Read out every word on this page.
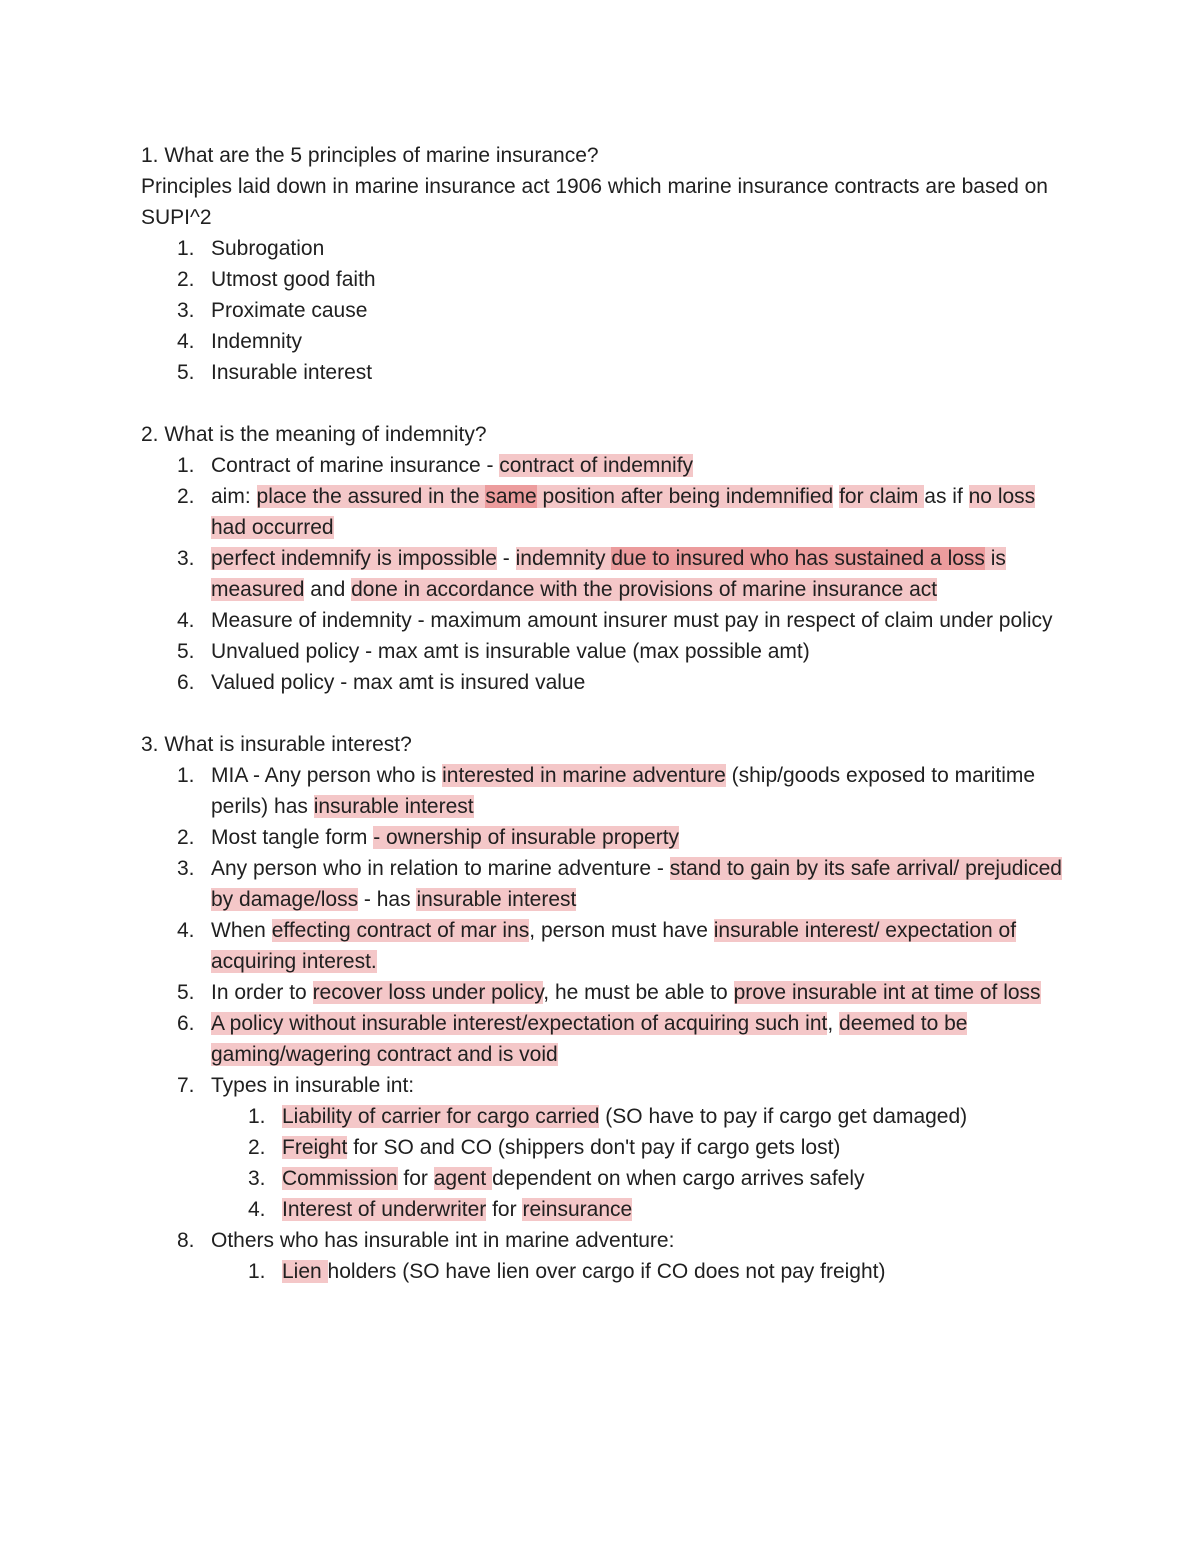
1. What are the 5 principles of marine insurance?
Principles laid down in marine insurance act 1906 which marine insurance contracts are based on
SUPI^2
1. Subrogation
2. Utmost good faith
3. Proximate cause
4. Indemnity
5. Insurable interest
2. What is the meaning of indemnity?
1. Contract of marine insurance - contract of indemnify
2. aim: place the assured in the same position after being indemnified for claim as if no loss had occurred
3. perfect indemnify is impossible - indemnity due to insured who has sustained a loss is measured and done in accordance with the provisions of marine insurance act
4. Measure of indemnity - maximum amount insurer must pay in respect of claim under policy
5. Unvalued policy - max amt is insurable value (max possible amt)
6. Valued policy - max amt is insured value
3. What is insurable interest?
1. MIA - Any person who is interested in marine adventure (ship/goods exposed to maritime perils) has insurable interest
2. Most tangle form - ownership of insurable property
3. Any person who in relation to marine adventure - stand to gain by its safe arrival/ prejudiced by damage/loss - has insurable interest
4. When effecting contract of mar ins, person must have insurable interest/ expectation of acquiring interest.
5. In order to recover loss under policy, he must be able to prove insurable int at time of loss
6. A policy without insurable interest/expectation of acquiring such int, deemed to be gaming/wagering contract and is void
7. Types in insurable int:
1. Liability of carrier for cargo carried (SO have to pay if cargo get damaged)
2. Freight for SO and CO (shippers don't pay if cargo gets lost)
3. Commission for agent dependent on when cargo arrives safely
4. Interest of underwriter for reinsurance
8. Others who has insurable int in marine adventure:
1. Lien holders (SO have lien over cargo if CO does not pay freight)
